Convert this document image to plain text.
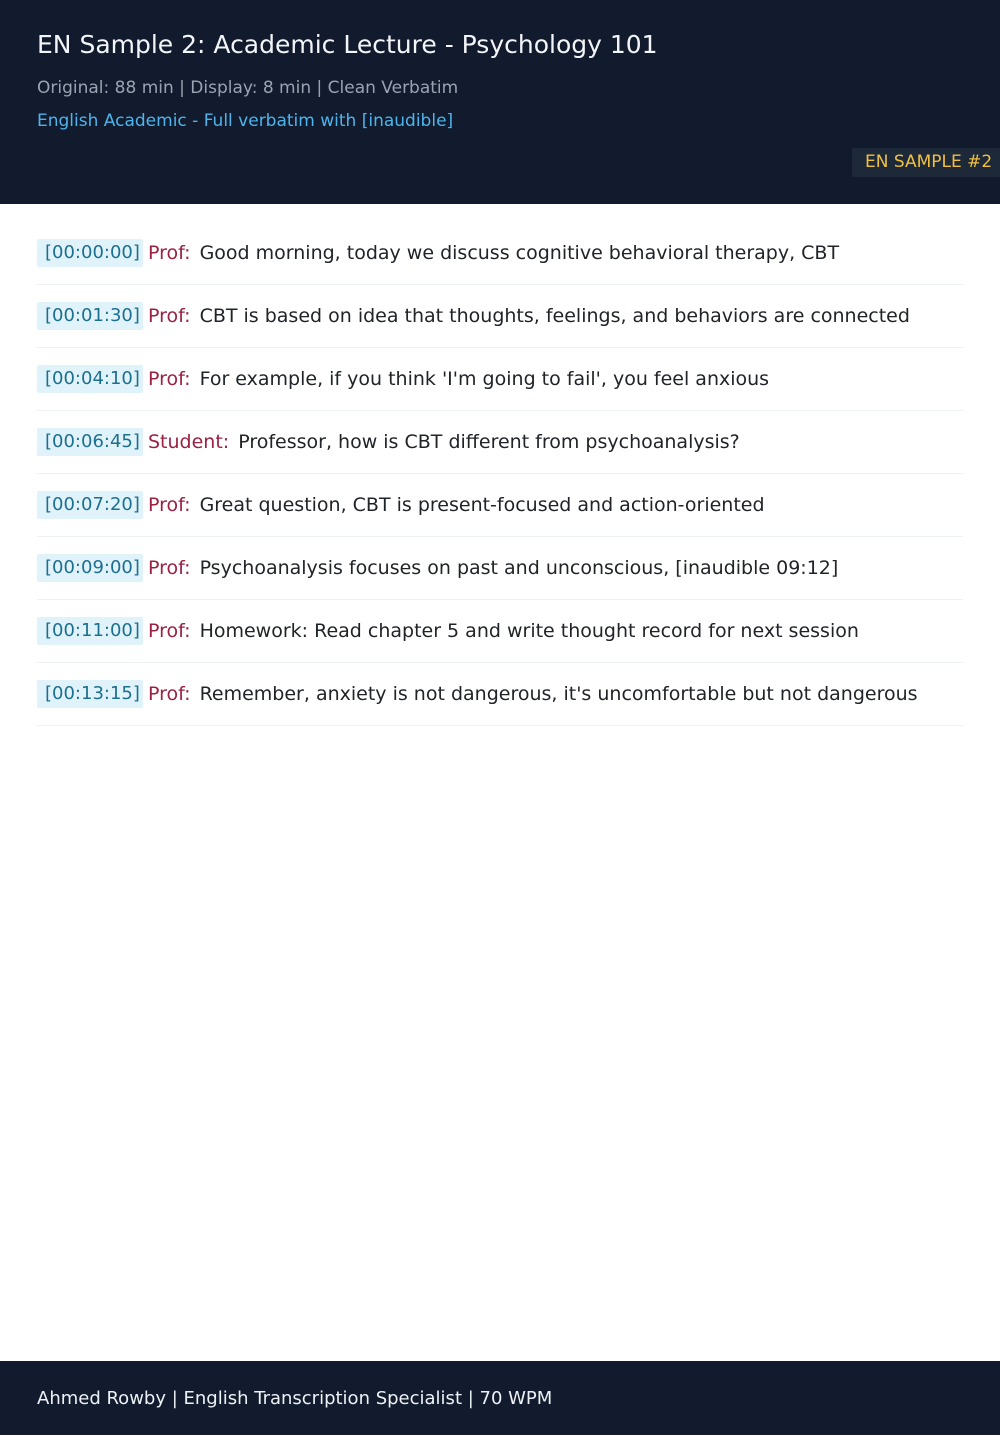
EN Sample 2: Academic Lecture - Psychology 101
Original: 88 min | Display: 8 min | Clean Verbatim
English Academic - Full verbatim with [inaudible]
EN SAMPLE #2
[00:00:00] Prof: Good morning, today we discuss cognitive behavioral therapy, CBT
[00:01:30] Prof: CBT is based on idea that thoughts, feelings, and behaviors are connected
[00:04:10] Prof: For example, if you think 'I'm going to fail', you feel anxious
[00:06:45] Student: Professor, how is CBT different from psychoanalysis?
[00:07:20] Prof: Great question, CBT is present-focused and action-oriented
[00:09:00] Prof: Psychoanalysis focuses on past and unconscious, [inaudible 09:12]
[00:11:00] Prof: Homework: Read chapter 5 and write thought record for next session
[00:13:15] Prof: Remember, anxiety is not dangerous, it's uncomfortable but not dangerous
Ahmed Rowby | English Transcription Specialist | 70 WPM
